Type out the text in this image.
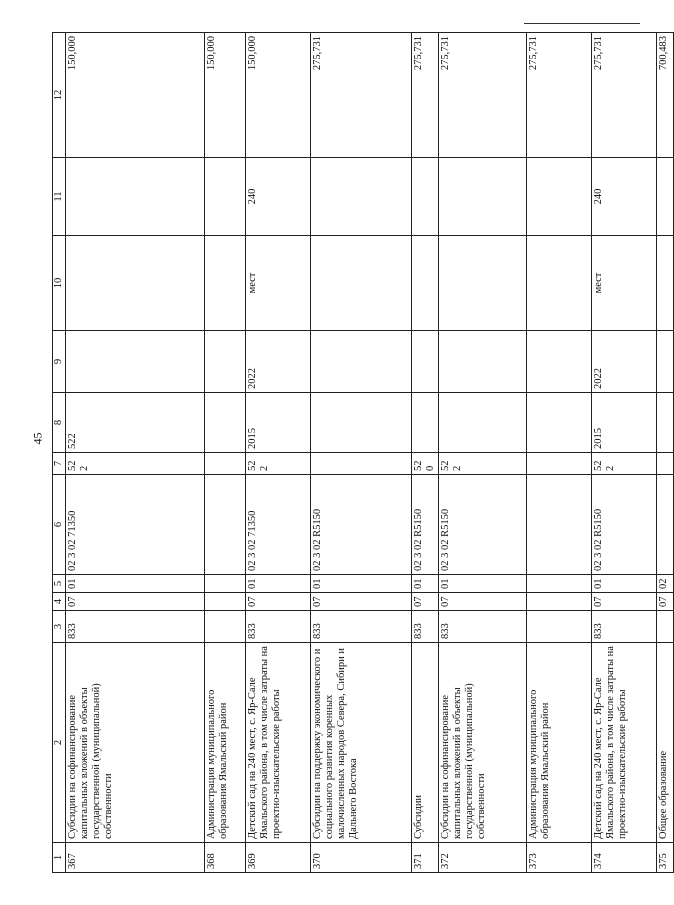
45
1	2	3	4	5	6	7	8	9	10	11	12
367	Субсидии на софинансирование капитальных вложений в объекты государственной (муниципальной) собственности	833	07	01	02 3 02 71350	522	522				150,000
368	Администрация муниципального образования Ямальский район										150,000
369	Детский сад на 240 мест, с. Яр-Сале Ямальского района, в том числе затраты на проектно-изыскательские работы	833	07	01	02 3 02 71350	522	2015	2022	мест	240	150,000
370	Субсидии на поддержку экономического и социального развития коренных малочисленных народов Севера, Сибири и Дальнего Востока	833	07	01	02 3 02 R5150						275,731
371	Субсидии	833	07	01	02 3 02 R5150	520					275,731
372	Субсидии на софинансирование капитальных вложений в объекты государственной (муниципальной) собственности	833	07	01	02 3 02 R5150	522					275,731
373	Администрация муниципального образования Ямальский район										275,731
374	Детский сад на 240 мест, с. Яр-Сале Ямальского района, в том числе затраты на проектно-изыскательские работы	833	07	01	02 3 02 R5150	522	2015	2022	мест	240	275,731
375	Общее образование		07	02							700,483
